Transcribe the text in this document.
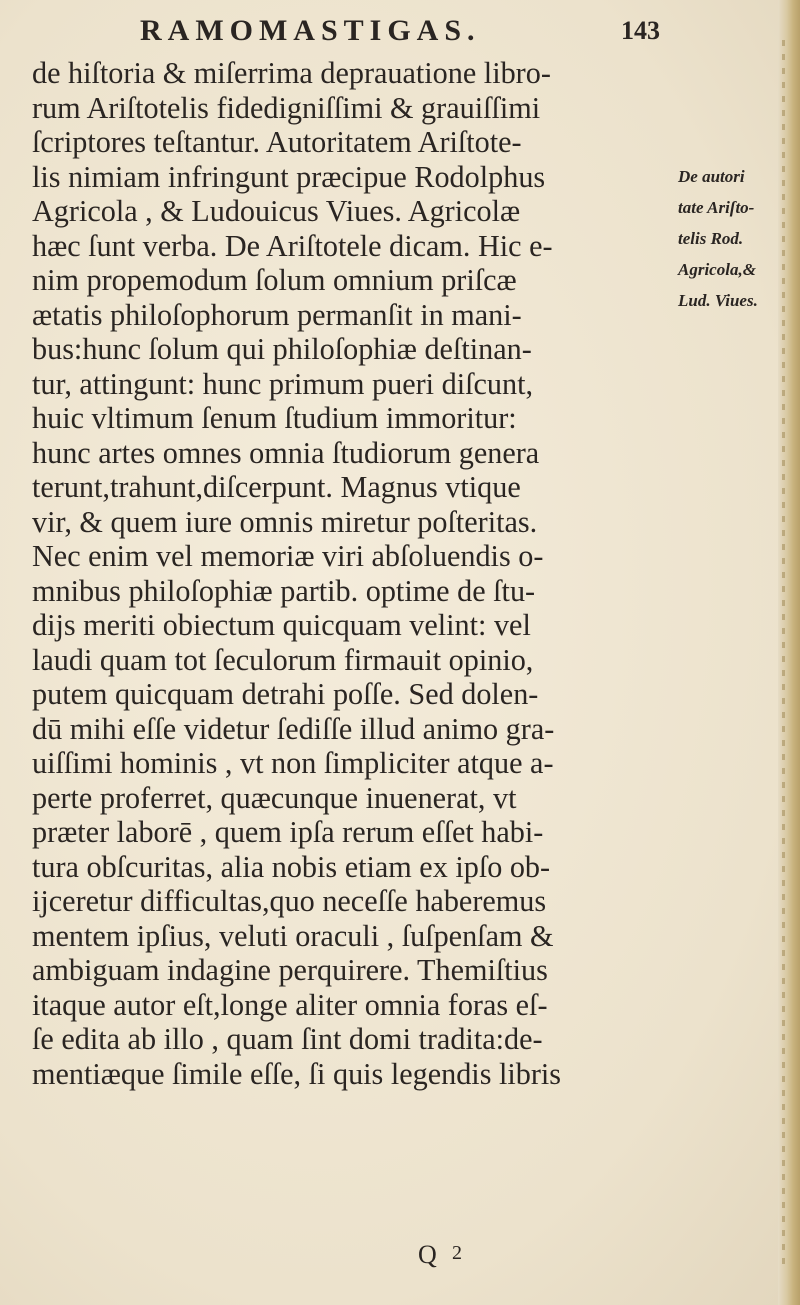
RAMOMASTIGAS.	143
de hiſtoria & miſerrima deprauatione libro-
rum Ariſtotelis fidedigniſſimi & grauiſſimi
ſcriptores teſtantur. Autoritatem Ariſtote-
lis nimiam infringunt præcipue Rodolphus
Agricola , & Ludouicus Viues. Agricolæ
hæc ſunt verba. De Ariſtotele dicam. Hic e-
nim propemodum ſolum omnium priſcæ
ætatis philoſophorum permanſit in mani-
bus:hunc ſolum qui philoſophiæ deſtinan-
tur, attingunt: hunc primum pueri diſcunt,
huic vltimum ſenum ſtudium immoritur:
hunc artes omnes omnia ſtudiorum genera
terunt,trahunt,diſcerpunt. Magnus vtique
vir, & quem iure omnis miretur poſteritas.
Nec enim vel memoriæ viri abſoluendis o-
mnibus philoſophiæ partib. optime de ſtu-
dijs meriti obiectum quicquam velint: vel
laudi quam tot ſeculorum firmauit opinio,
putem quicquam detrahi poſſe. Sed dolen-
dū mihi eſſe videtur ſediſſe illud animo gra-
uiſſimi hominis , vt non ſimpliciter atque a-
perte proferret, quæcunque inuenerat, vt
præter laborē , quem ipſa rerum eſſet habi-
tura obſcuritas, alia nobis etiam ex ipſo ob-
ijceretur difficultas,quo neceſſe haberemus
mentem ipſius, veluti oraculi , ſuſpenſam &
ambiguam indagine perquirere. Themiſtius
itaque autor eſt,longe aliter omnia foras eſ-
ſe edita ab illo , quam ſint domi tradita:de-
mentiæque ſimile eſſe, ſi quis legendis libris
De autori
tate Ariſto-
telis Rod.
Agricola,&
Lud. Viues.
Q 2
